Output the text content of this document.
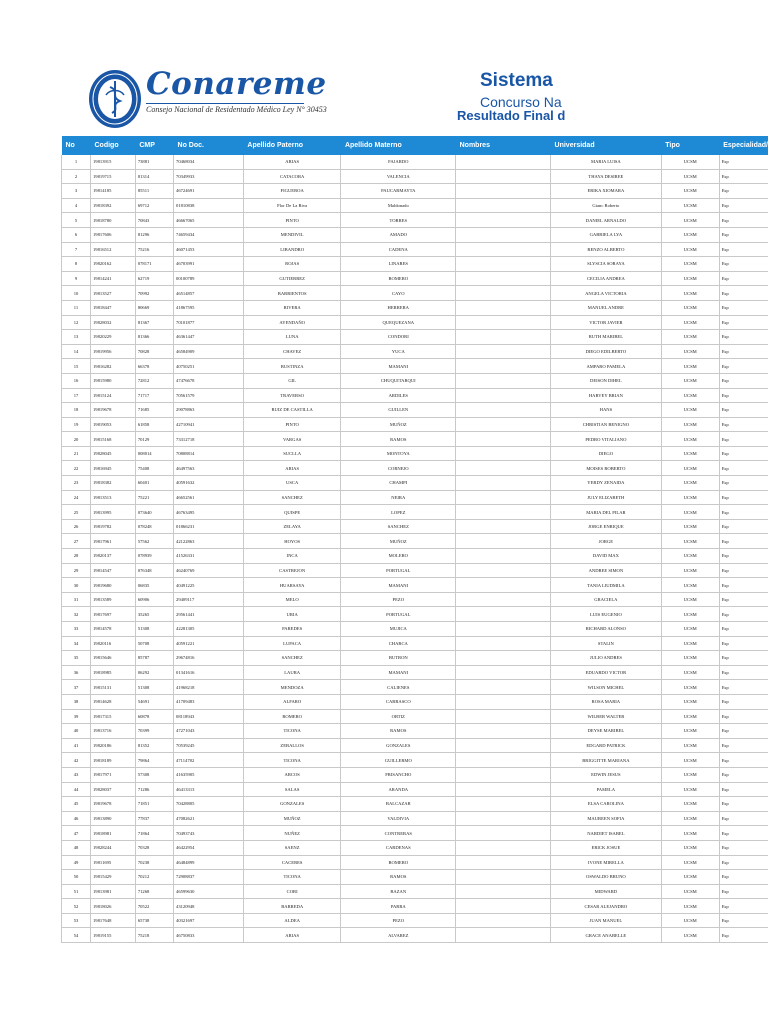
Conareme
Consejo Nacional de Residentado Médico Ley N° 30453
Sistema
Concurso Na
Resultado Final d
No	Codigo	CMP	No Doc.	Apellido Paterno	Apellido Materno	Nombres	Universidad	Tipo	Especialidad/
1	19813915	73881	70468034	ARIAS	FAJARDO		MARIA LUISA	UCSM	Esp
2	19819715	81314	70349933	CATACORA	VALENCIA		THAYA DESIREE	UCSM	Esp
3	19814185	85511	46724691	FIGUEROA	PAUCARMAYTA		ERIKA XIOMARA	UCSM	Esp
4	19818392	69712	01810838	Flor De La Riva	Maldonado		Gianc Roberto	UCSM	Esp
5	19818780	70843	46667065	PINTO	TORRES		DANIEL ARNALDO	UCSM	Esp
6	19817606	81296	74659434	MENDIVIL	AMADO		GABRIELA LYA	UCSM	Esp
7	19816512	75216	46071453	LIBANDRO	CADENA		RENZO ALBERTO	UCSM	Esp
8	19820162	078171	46703991	ROJAS	LINARES		SLYSCIA SORAYA	UCSM	Esp
9	19814241	62719	00100789	GUTIERREZ	ROMERO		CECILIA ANDREA	UCSM	Esp
10	19813527	70992	46514857	BARRIENTOS	CAYO		ANGELA VICTORIA	UCSM	Esp
11	19818447	80669	41867595	RIVERA	HERRERA		MANUEL ANDRE	UCSM	Esp
12	19828032	81367	70101877	AYENDAÑO	QUEQUEZANA		VICTOR JAVIER	UCSM	Esp
13	19820229	81366	46361447	LUNA	CONDORI		RUTH MARIBEL	UCSM	Esp
14	19819956	70828	46584909	CHAVEZ	YUCA		DIEGO EDILBERTO	UCSM	Esp
15	19816282	66378	40750251	BUSTINZA	MAMANI		AMPARO PAMELA	UCSM	Esp
16	19815980	72812	47476678	GIL	CHUQUITARQUI		DEISON DIHEL	UCSM	Esp
17	19815124	71717	70561579	TRAVERSO	ARDILES		HARVEY BRIAN	UCSM	Esp
18	19819678	71685	29078863	RUIZ DE CASTILLA	GUILLEN		HANS	UCSM	Esp
19	19819053	61858	42710941	PINTO	MUÑOZ		CHRISTIAN BENIGNO	UCSM	Esp
20	19815168	70129	73312718	VARGAS	RAMOS		PEDRO VITALIANO	UCSM	Esp
21	19828045	008014	70808814	SUCLLA	MONTOYA		DIEGO	UCSM	Esp
22	19816945	75408	46497563	ARIAS	CORNEJO		MOISES ROBERTO	UCSM	Esp
23	19818382	60401	40591632	USCA	CHAMPI		YERDY ZENAIDA	UCSM	Esp
24	19813513	75221	46652561	SANCHEZ	NEIRA		JULY ELIZABETH	UCSM	Esp
25	19813995	073640	46763495	QUISPE	LOPEZ		MARIA DEL PILAR	UCSM	Esp
26	19819782	078248	01866231	ZELAYA	SANCHEZ		JORGE ENRIQUE	UCSM	Esp
27	19817961	57562	42122863	HOYOS	MUÑOZ		JORGE	UCSM	Esp
28	19820137	078939	41526331	INCA	MOLERO		DAVID MAX	UCSM	Esp
29	19814547	076348	46240769	CASTREJON	PORTUGAL		ANDREE SIMON	UCSM	Esp
30	19819680	06835	40491225	HUARSAYA	MAMANI		TANIA LIUDMILA	UCSM	Esp
31	19813589	60906	29409117	MELO	PEZO		GRACIELA	UCSM	Esp
32	19817697	35265	29561441	URIA	PORTUGAL		LUIS EUGENIO	UCSM	Esp
33	19814578	51308	42281305	PAREDES	MUJICA		RICHARD ALONSO	UCSM	Esp
34	19820116	50708	40591221	LUPACA	CHARCA		STALIN	UCSM	Esp
35	19815646	85787	29674816	SANCHEZ	BUTRON		JULIO ANDRES	UCSM	Esp
36	19818985	06292	01341616	LAURA	MAMANI		EDUARDO VICTOR	UCSM	Esp
37	19815131	51308	41968218	MENDOZA	CALIENES		WILSON MICHEL	UCSM	Esp
38	19814628	54691	41709483	ALFARO	CARRASCO		ROSA MARIA	UCSM	Esp
39	19817315	60878	08118943	ROMERO	ORTIZ		WILBER WALTER	UCSM	Esp
40	19813716	70399	47271043	TICONA	RAMOS		DEYSE MARIBEL	UCSM	Esp
41	19820186	81352	70539245	ZEBALLOS	GONZALES		EDGARD PATRICK	UCSM	Esp
42	19818189	79864	47114782	TICONA	GUILLERMO		BRIGGITTE MARIANA	UCSM	Esp
43	19817971	57308	41635905	ARCOS	FRISANCHO		EDWIN JESUS	UCSM	Esp
44	19828037	71286	46413313	SALAS	ARANDA		PAMELA	UCSM	Esp
45	19819678	71851	70428805	GONZALES	BALCAZAR		ELSA CAROLINA	UCSM	Esp
46	19813890	77837	47082621	MUÑOZ	VALDIVIA		MAUREEN SOFIA	UCSM	Esp
47	19818981	71864	70493743	NUÑEZ	CONTRERAS		NARDIET ISABEL	UCSM	Esp
48	19828244	70328	46422954	SAENZ	CARDENAS		ERICK JOSUE	UCSM	Esp
49	19811695	70238	46484899	CACERES	ROMERO		IVONE MIRELLA	UCSM	Esp
50	19815429	70212	72908837	TICONA	RAMOS		OSWALDO BRUNO	UCSM	Esp
51	19813981	71268	46599630	CORI	BAZAN		MIDWARD	UCSM	Esp
52	19818026	70522	43120948	BARREDA	PARRA		CESAR ALEJANDRO	UCSM	Esp
53	19817648	65738	40321697	ALDEA	PEZO		JUAN MANUEL	UCSM	Esp
54	19819155	75218	46750833	ARIAS	ALVAREZ		GRACE ANABELLE	UCSM	Esp
